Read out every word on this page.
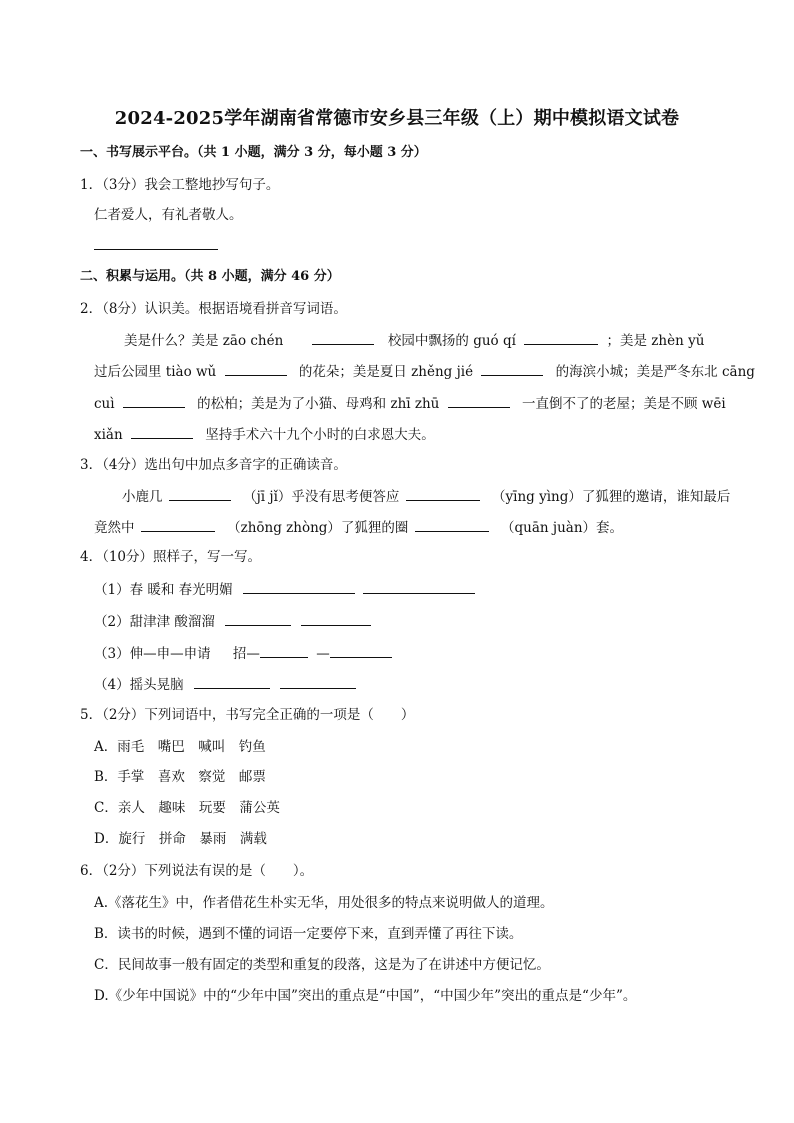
2024-2025学年湖南省常德市安乡县三年级（上）期中模拟语文试卷
一、书写展示平台。（共 1 小题，满分 3 分，每小题 3 分）
1．（3分）我会工整地抄写句子。
仁者爱人，有礼者敬人。
二、积累与运用。（共 8 小题，满分 46 分）
2．（8分）认识美。根据语境看拼音写词语。
美是什么？美是 zāo chén	校园中飘扬的 guó qí	；美是 zhèn yǔ
过后公园里 tiào wǔ	的花朵；美是夏日 zhěng jié	的海滨小城；美是严冬东北 cāng
cuì	的松柏；美是为了小猫、母鸡和 zhī zhū	一直倒不了的老屋；美是不顾 wēi
xiǎn	坚持手术六十九个小时的白求恩大夫。
3．（4分）选出句中加点多音字的正确读音。
小鹿几	（jī jǐ）乎没有思考便答应	（yīng yìng）了狐狸的邀请，谁知最后
竟然中	（zhōng zhòng）了狐狸的圈	（quān juàn）套。
4．（10分）照样子，写一写。
（1）春 暖和 春光明媚
（2）甜津津 酸溜溜
（3）伸—申—申请 招—	—
（4）摇头晃脑
5．（2分）下列词语中，书写完全正确的一项是（　　）
A．雨毛　嘴巴　喊叫　钓鱼
B．手掌　喜欢　察觉　邮票
C．亲人　趣味　玩要　蒲公英
D．旋行　拼命　暴雨　满载
6．（2分）下列说法有误的是（　　）。
A.《落花生》中，作者借花生朴实无华，用处很多的特点来说明做人的道理。
B．读书的时候，遇到不懂的词语一定要停下来，直到弄懂了再往下读。
C．民间故事一般有固定的类型和重复的段落，这是为了在讲述中方便记忆。
D.《少年中国说》中的“少年中国”突出的重点是“中国”，“中国少年”突出的重点是“少年”。
